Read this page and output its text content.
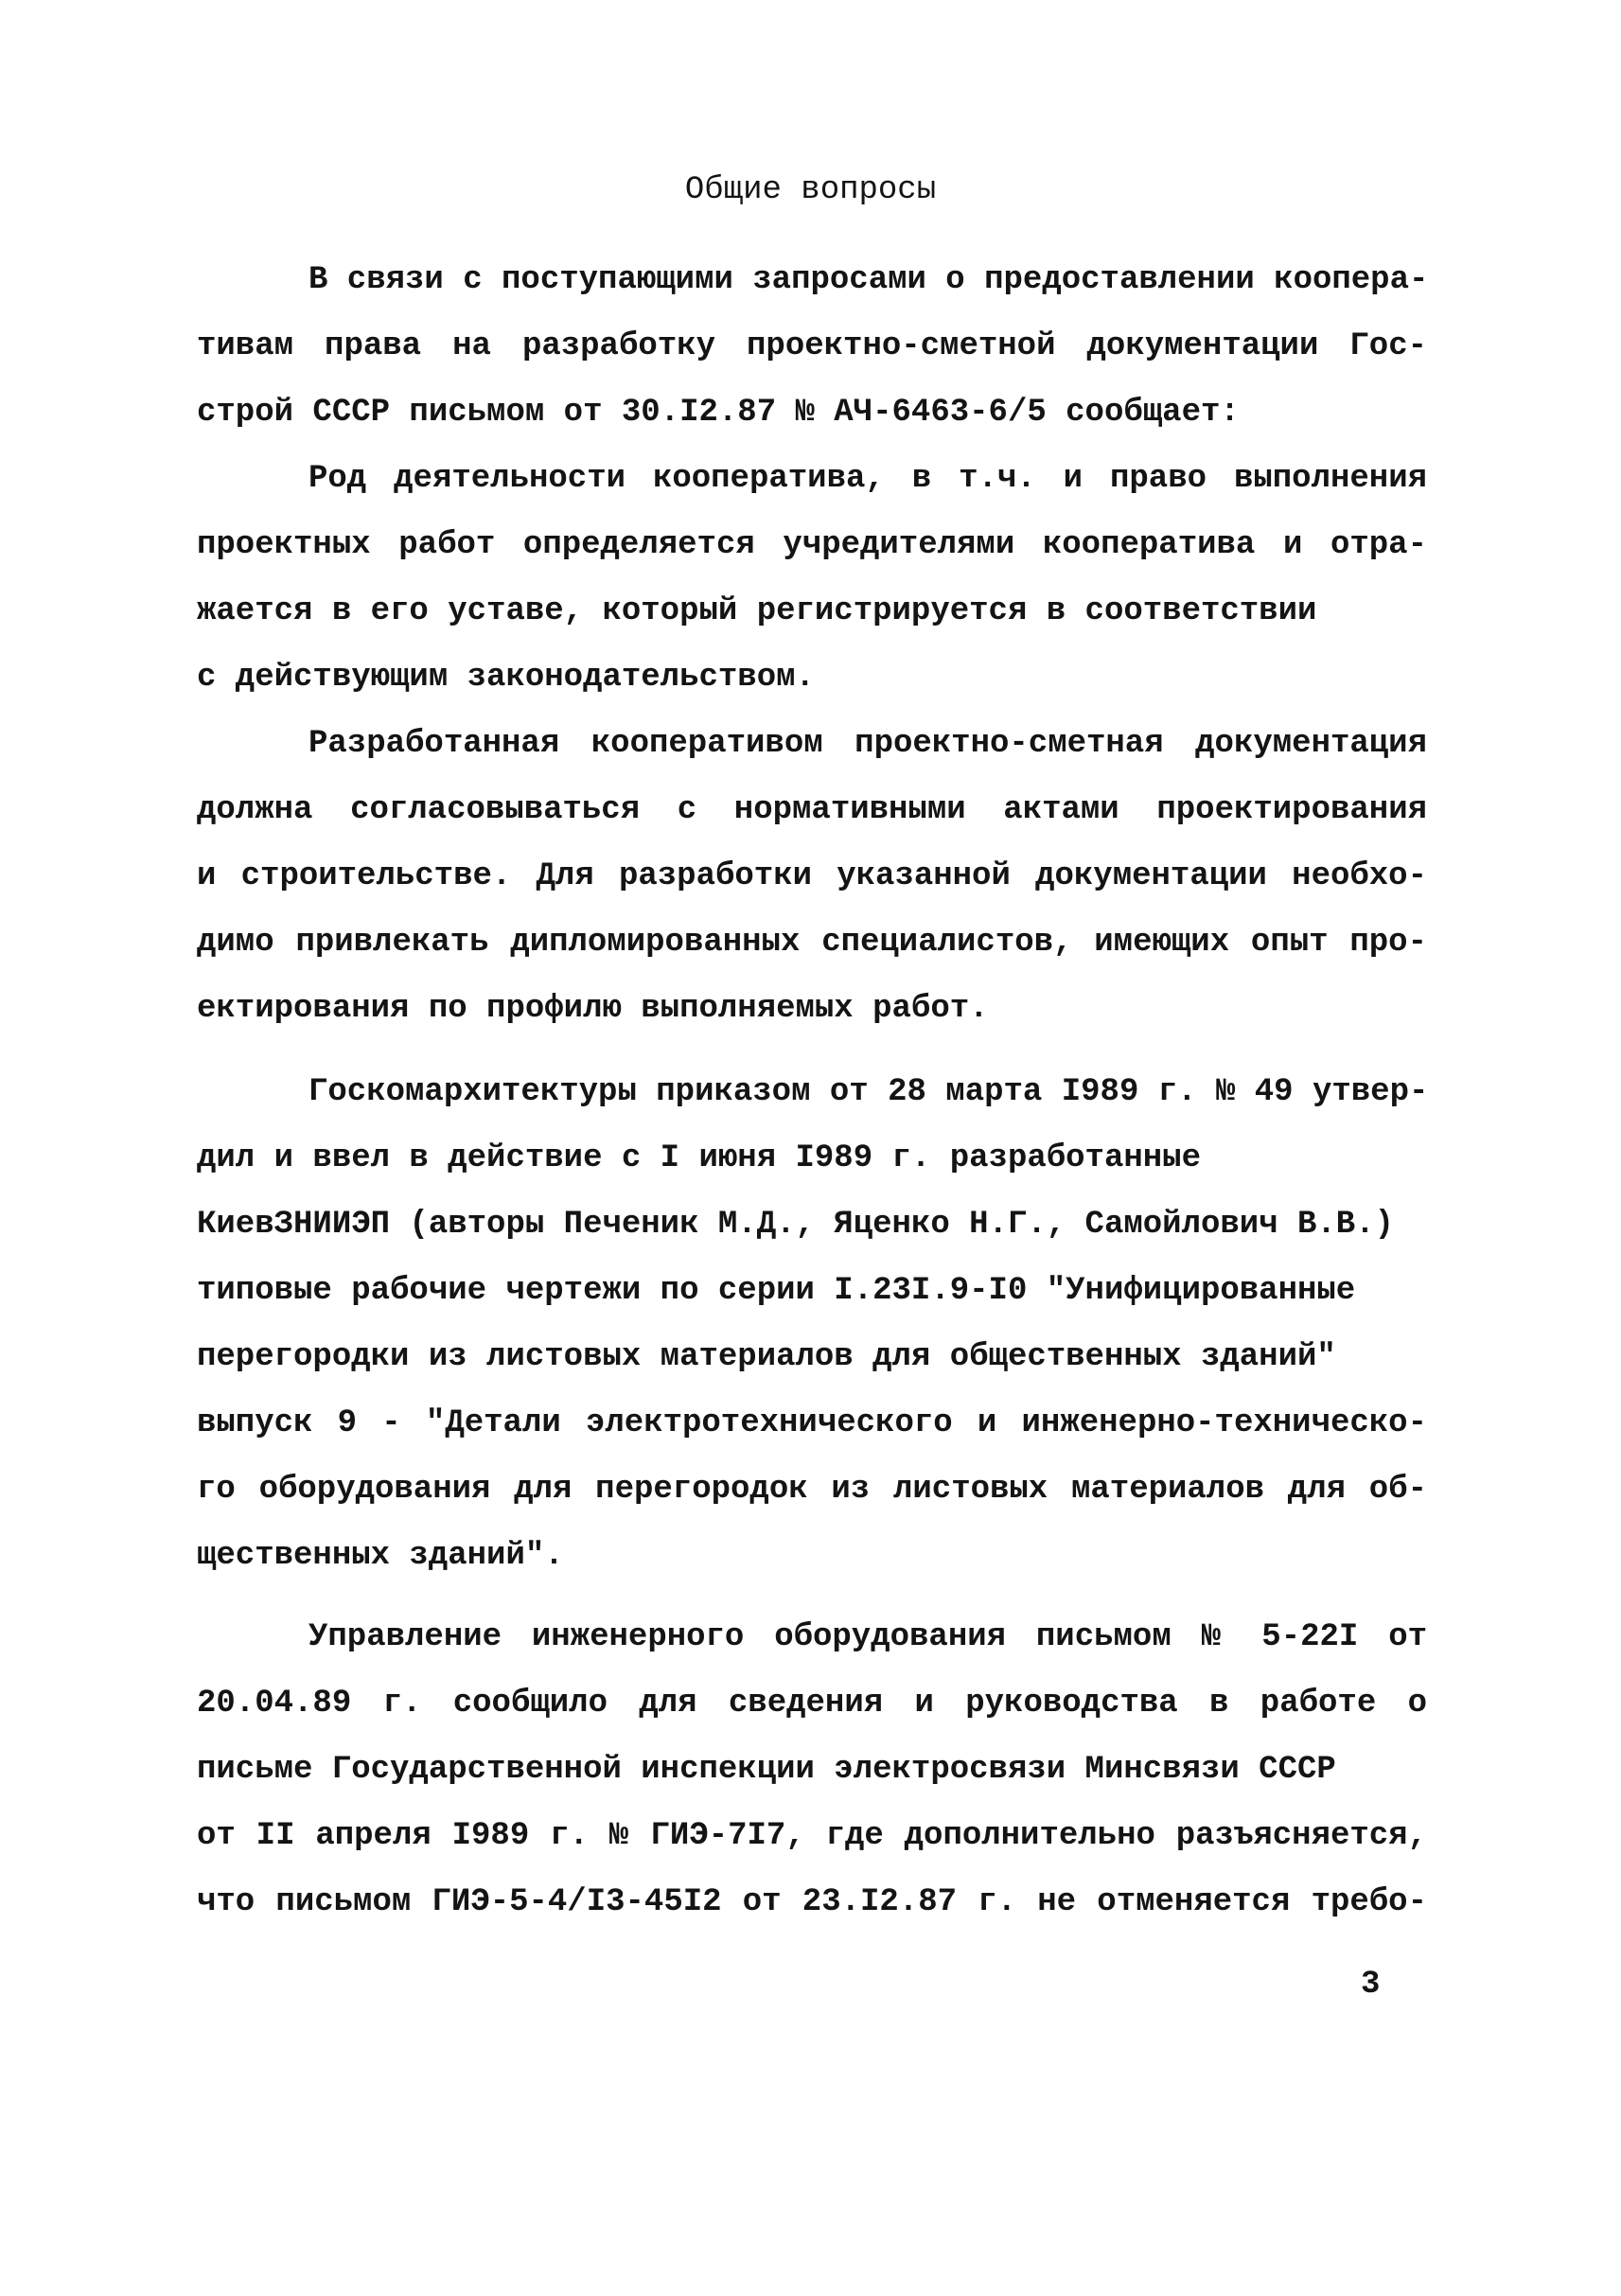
Общие вопросы
В связи с поступающими запросами о предоставлении коопера-
тивам права на разработку проектно-сметной документации Гос-
строй СССР письмом от 30.I2.87 № АЧ-6463-6/5 сообщает:
Род деятельности кооператива, в т.ч. и право выполнения
проектных работ определяется учредителями кооператива и отра-
жается в его уставе, который регистрируется в соответствии
с действующим законодательством.
Разработанная кооперативом проектно-сметная документация
должна согласовываться с нормативными актами проектирования
и строительстве. Для разработки указанной документации необхо-
димо привлекать дипломированных специалистов, имеющих опыт про-
ектирования по профилю выполняемых работ.
Госкомархитектуры приказом от 28 марта I989 г. № 49 утвер-
дил и ввел в действие с I июня I989 г. разработанные
КиевЗНИИЭП (авторы Печеник М.Д., Яценко Н.Г., Самойлович В.В.)
типовые рабочие чертежи по серии I.23I.9-I0 "Унифицированные
перегородки из листовых материалов для общественных зданий"
выпуск 9 - "Детали электротехнического и инженерно-техническо-
го оборудования для перегородок из листовых материалов для об-
щественных зданий".
Управление инженерного оборудования письмом № 5-22I от
20.04.89 г. сообщило для сведения и руководства в работе о
письме Государственной инспекции электросвязи Минсвязи СССР
от II апреля I989 г. № ГИЭ-7I7, где дополнительно разъясняется,
что письмом ГИЭ-5-4/I3-45I2 от 23.I2.87 г. не отменяется требо-
3
